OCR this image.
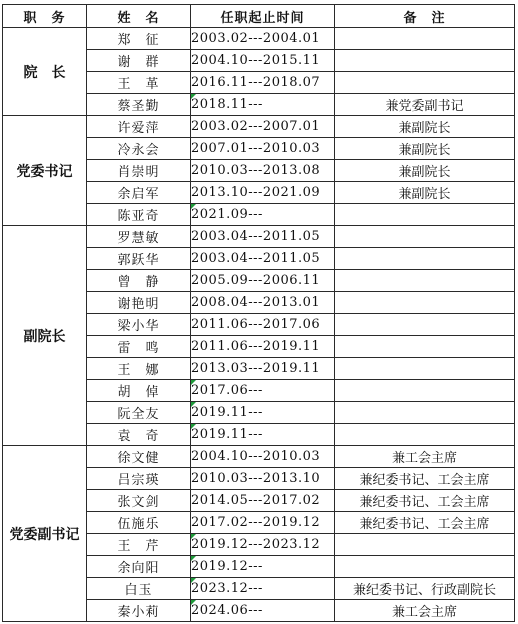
职　务	姓　名	任职起止时间	备　注
院　长	郑　征	2003.02---2004.01	
	谢　群	2004.10---2015.11	
	王　革	2016.11---2018.07	
	蔡圣勤	2018.11---	兼党委副书记
党委书记	许爱萍	2003.02---2007.01	兼副院长
	冷永会	2007.01---2010.03	兼副院长
	肖崇明	2010.03---2013.08	兼副院长
	余启军	2013.10---2021.09	兼副院长
	陈亚奇	2021.09---	
副院长	罗慧敏	2003.04---2011.05	
	郭跃华	2003.04---2011.05	
	曾　静	2005.09---2006.11	
	谢艳明	2008.04---2013.01	
	梁小华	2011.06---2017.06	
	雷　鸣	2011.06---2019.11	
	王　娜	2013.03---2019.11	
	胡　倬	2017.06---	
	阮全友	2019.11---	
	袁　奇	2019.11---	
党委副书记	徐文健	2004.10---2010.03	兼工会主席
	吕宗瑛	2010.03---2013.10	兼纪委书记、工会主席
	张文剑	2014.05---2017.02	兼纪委书记、工会主席
	伍施乐	2017.02---2019.12	兼纪委书记、工会主席
	王　芹	2019.12---2023.12	
	余向阳	2019.12---	
	白玉	2023.12---	兼纪委书记、行政副院长
	秦小莉	2024.06---	兼工会主席
